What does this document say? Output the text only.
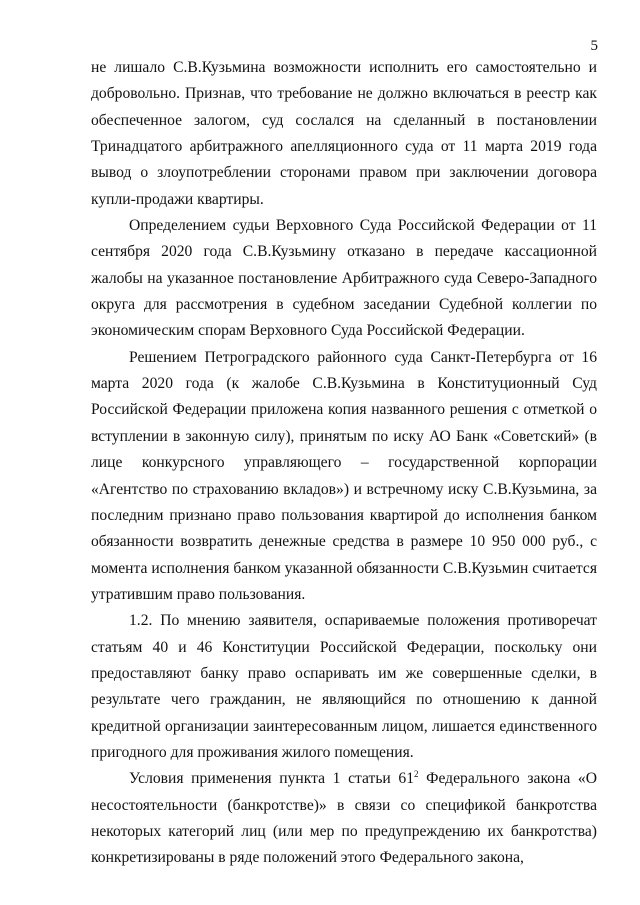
5

не лишало С.В.Кузьмина возможности исполнить его самостоятельно и добровольно. Признав, что требование не должно включаться в реестр как обеспеченное залогом, суд сослался на сделанный в постановлении Тринадцатого арбитражного апелляционного суда от 11 марта 2019 года вывод о злоупотреблении сторонами правом при заключении договора купли-продажи квартиры.

Определением судьи Верховного Суда Российской Федерации от 11 сентября 2020 года С.В.Кузьмину отказано в передаче кассационной жалобы на указанное постановление Арбитражного суда Северо-Западного округа для рассмотрения в судебном заседании Судебной коллегии по экономическим спорам Верховного Суда Российской Федерации.

Решением Петроградского районного суда Санкт-Петербурга от 16 марта 2020 года (к жалобе С.В.Кузьмина в Конституционный Суд Российской Федерации приложена копия названного решения с отметкой о вступлении в законную силу), принятым по иску АО Банк «Советский» (в лице конкурсного управляющего – государственной корпорации «Агентство по страхованию вкладов») и встречному иску С.В.Кузьмина, за последним признано право пользования квартирой до исполнения банком обязанности возвратить денежные средства в размере 10 950 000 руб., с момента исполнения банком указанной обязанности С.В.Кузьмин считается утратившим право пользования.

1.2. По мнению заявителя, оспариваемые положения противоречат статьям 40 и 46 Конституции Российской Федерации, поскольку они предоставляют банку право оспаривать им же совершенные сделки, в результате чего гражданин, не являющийся по отношению к данной кредитной организации заинтересованным лицом, лишается единственного пригодного для проживания жилого помещения.

Условия применения пункта 1 статьи $61^2$ Федерального закона «О несостоятельности (банкротстве)» в связи со спецификой банкротства некоторых категорий лиц (или мер по предупреждению их банкротства) конкретизированы в ряде положений этого Федерального закона,
